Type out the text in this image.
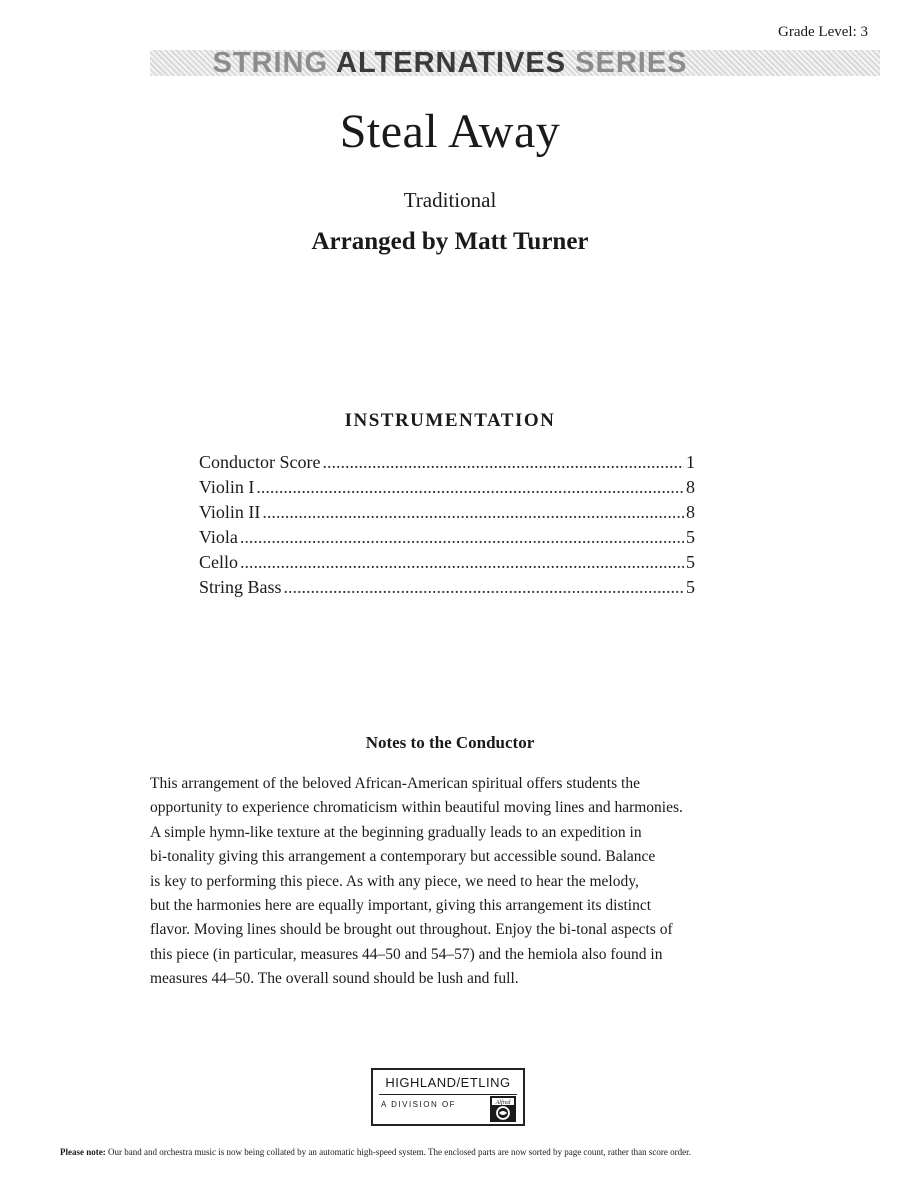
Grade Level: 3
STRING ALTERNATIVES SERIES
Steal Away
Traditional
Arranged by Matt Turner
INSTRUMENTATION
Conductor Score .....	1
Violin I .....	8
Violin II .....	8
Viola .....	5
Cello .....	5
String Bass .....	5
Notes to the Conductor

This arrangement of the beloved African-American spiritual offers students the
opportunity to experience chromaticism within beautiful moving lines and harmonies.
A simple hymn-like texture at the beginning gradually leads to an expedition in
bi-tonality giving this arrangement a contemporary but accessible sound. Balance
is key to performing this piece. As with any piece, we need to hear the melody,
but the harmonies here are equally important, giving this arrangement its distinct
flavor. Moving lines should be brought out throughout. Enjoy the bi-tonal aspects of
this piece (in particular, measures 44–50 and 54–57) and the hemiola also found in
measures 44–50. The overall sound should be lush and full.

HIGHLAND/ETLING
A DIVISION OF	Alfred
Please note: Our band and orchestra music is now being collated by an automatic high-speed system. The enclosed parts are now sorted by page count, rather than score order.
